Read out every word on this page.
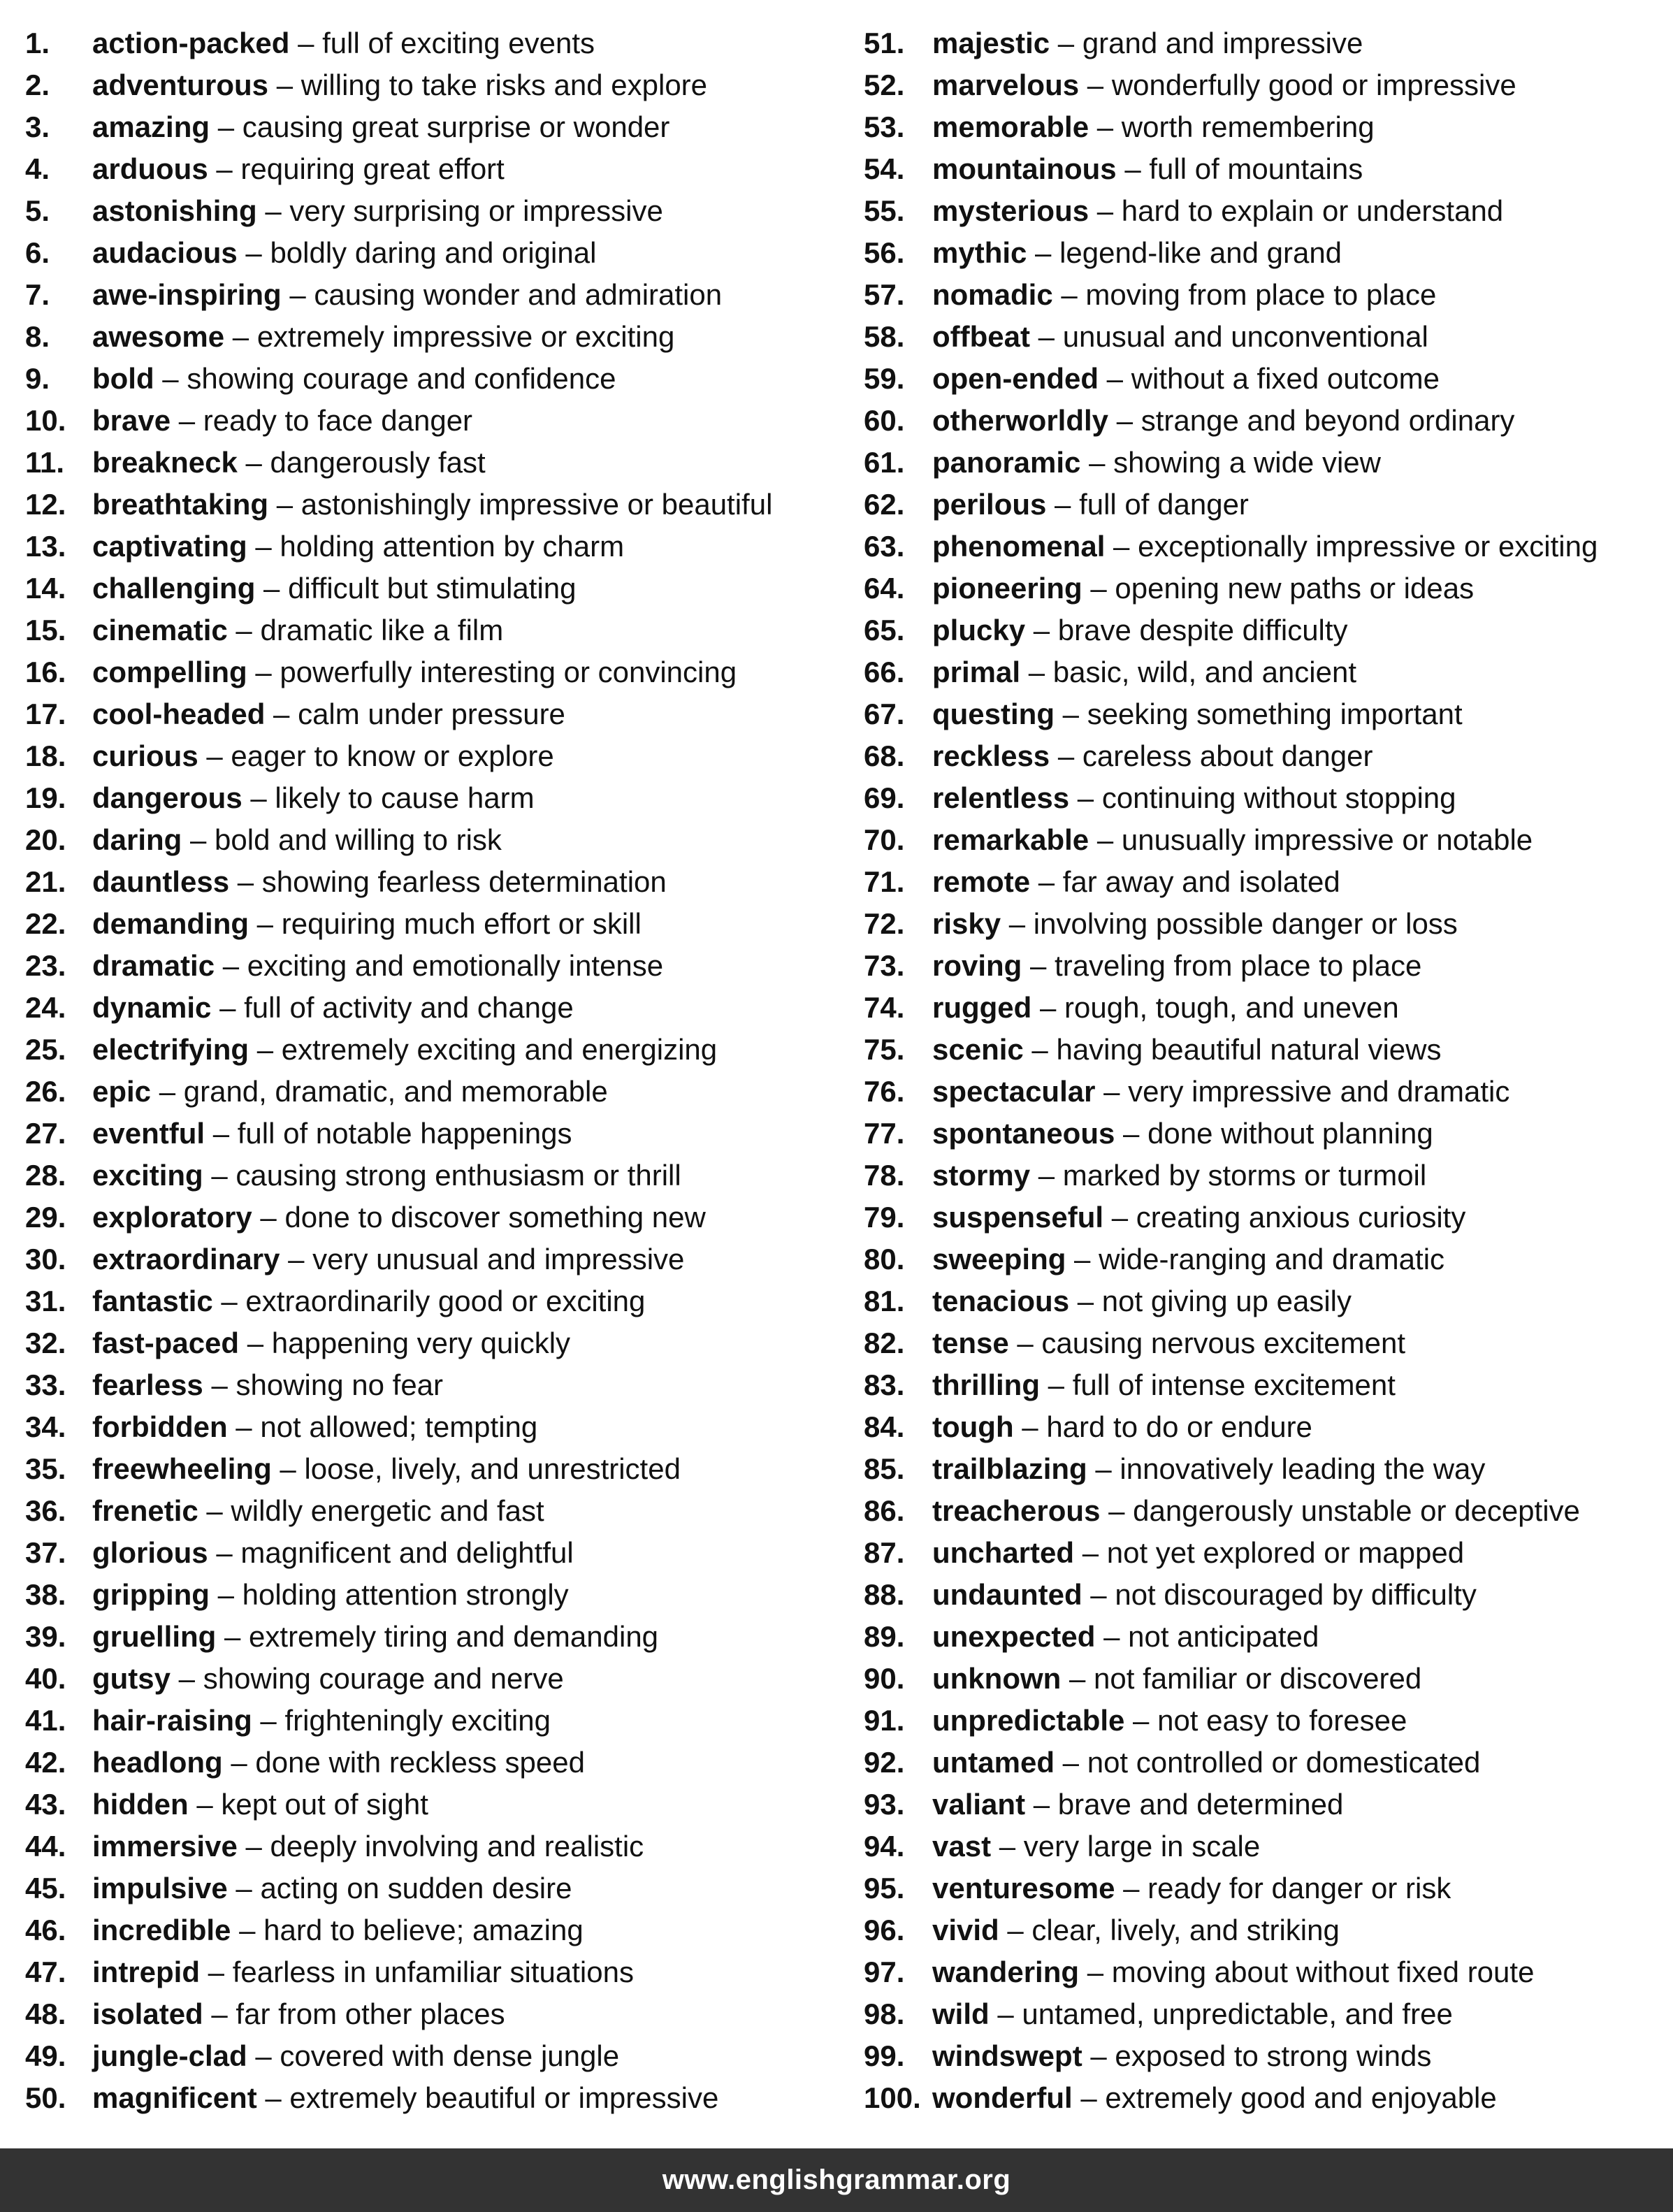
1.	action-packed – full of exciting events
2.	adventurous – willing to take risks and explore
3.	amazing – causing great surprise or wonder
4.	arduous – requiring great effort
5.	astonishing – very surprising or impressive
6.	audacious – boldly daring and original
7.	awe-inspiring – causing wonder and admiration
8.	awesome – extremely impressive or exciting
9.	bold – showing courage and confidence
10. brave – ready to face danger
11. breakneck – dangerously fast
12. breathtaking – astonishingly impressive or beautiful
13. captivating – holding attention by charm
14. challenging – difficult but stimulating
15. cinematic – dramatic like a film
16. compelling – powerfully interesting or convincing
17. cool-headed – calm under pressure
18. curious – eager to know or explore
19. dangerous – likely to cause harm
20. daring – bold and willing to risk
21. dauntless – showing fearless determination
22. demanding – requiring much effort or skill
23. dramatic – exciting and emotionally intense
24. dynamic – full of activity and change
25. electrifying – extremely exciting and energizing
26. epic – grand, dramatic, and memorable
27. eventful – full of notable happenings
28. exciting – causing strong enthusiasm or thrill
29. exploratory – done to discover something new
30. extraordinary – very unusual and impressive
31. fantastic – extraordinarily good or exciting
32. fast-paced – happening very quickly
33. fearless – showing no fear
34. forbidden – not allowed; tempting
35. freewheeling – loose, lively, and unrestricted
36. frenetic – wildly energetic and fast
37. glorious – magnificent and delightful
38. gripping – holding attention strongly
39. gruelling – extremely tiring and demanding
40. gutsy – showing courage and nerve
41. hair-raising – frighteningly exciting
42. headlong – done with reckless speed
43. hidden – kept out of sight
44. immersive – deeply involving and realistic
45. impulsive – acting on sudden desire
46. incredible – hard to believe; amazing
47. intrepid – fearless in unfamiliar situations
48. isolated – far from other places
49. jungle-clad – covered with dense jungle
50. magnificent – extremely beautiful or impressive
51. majestic – grand and impressive
52. marvelous – wonderfully good or impressive
53. memorable – worth remembering
54. mountainous – full of mountains
55. mysterious – hard to explain or understand
56. mythic – legend-like and grand
57. nomadic – moving from place to place
58. offbeat – unusual and unconventional
59. open-ended – without a fixed outcome
60. otherworldly – strange and beyond ordinary
61. panoramic – showing a wide view
62. perilous – full of danger
63. phenomenal – exceptionally impressive or exciting
64. pioneering – opening new paths or ideas
65. plucky – brave despite difficulty
66. primal – basic, wild, and ancient
67. questing – seeking something important
68. reckless – careless about danger
69. relentless – continuing without stopping
70. remarkable – unusually impressive or notable
71. remote – far away and isolated
72. risky – involving possible danger or loss
73. roving – traveling from place to place
74. rugged – rough, tough, and uneven
75. scenic – having beautiful natural views
76. spectacular – very impressive and dramatic
77. spontaneous – done without planning
78. stormy – marked by storms or turmoil
79. suspenseful – creating anxious curiosity
80. sweeping – wide-ranging and dramatic
81. tenacious – not giving up easily
82. tense – causing nervous excitement
83. thrilling – full of intense excitement
84. tough – hard to do or endure
85. trailblazing – innovatively leading the way
86. treacherous – dangerously unstable or deceptive
87. uncharted – not yet explored or mapped
88. undaunted – not discouraged by difficulty
89. unexpected – not anticipated
90. unknown – not familiar or discovered
91. unpredictable – not easy to foresee
92. untamed – not controlled or domesticated
93. valiant – brave and determined
94. vast – very large in scale
95. venturesome – ready for danger or risk
96. vivid – clear, lively, and striking
97. wandering – moving about without fixed route
98. wild – untamed, unpredictable, and free
99. windswept – exposed to strong winds
100. wonderful – extremely good and enjoyable
www.englishgrammar.org
